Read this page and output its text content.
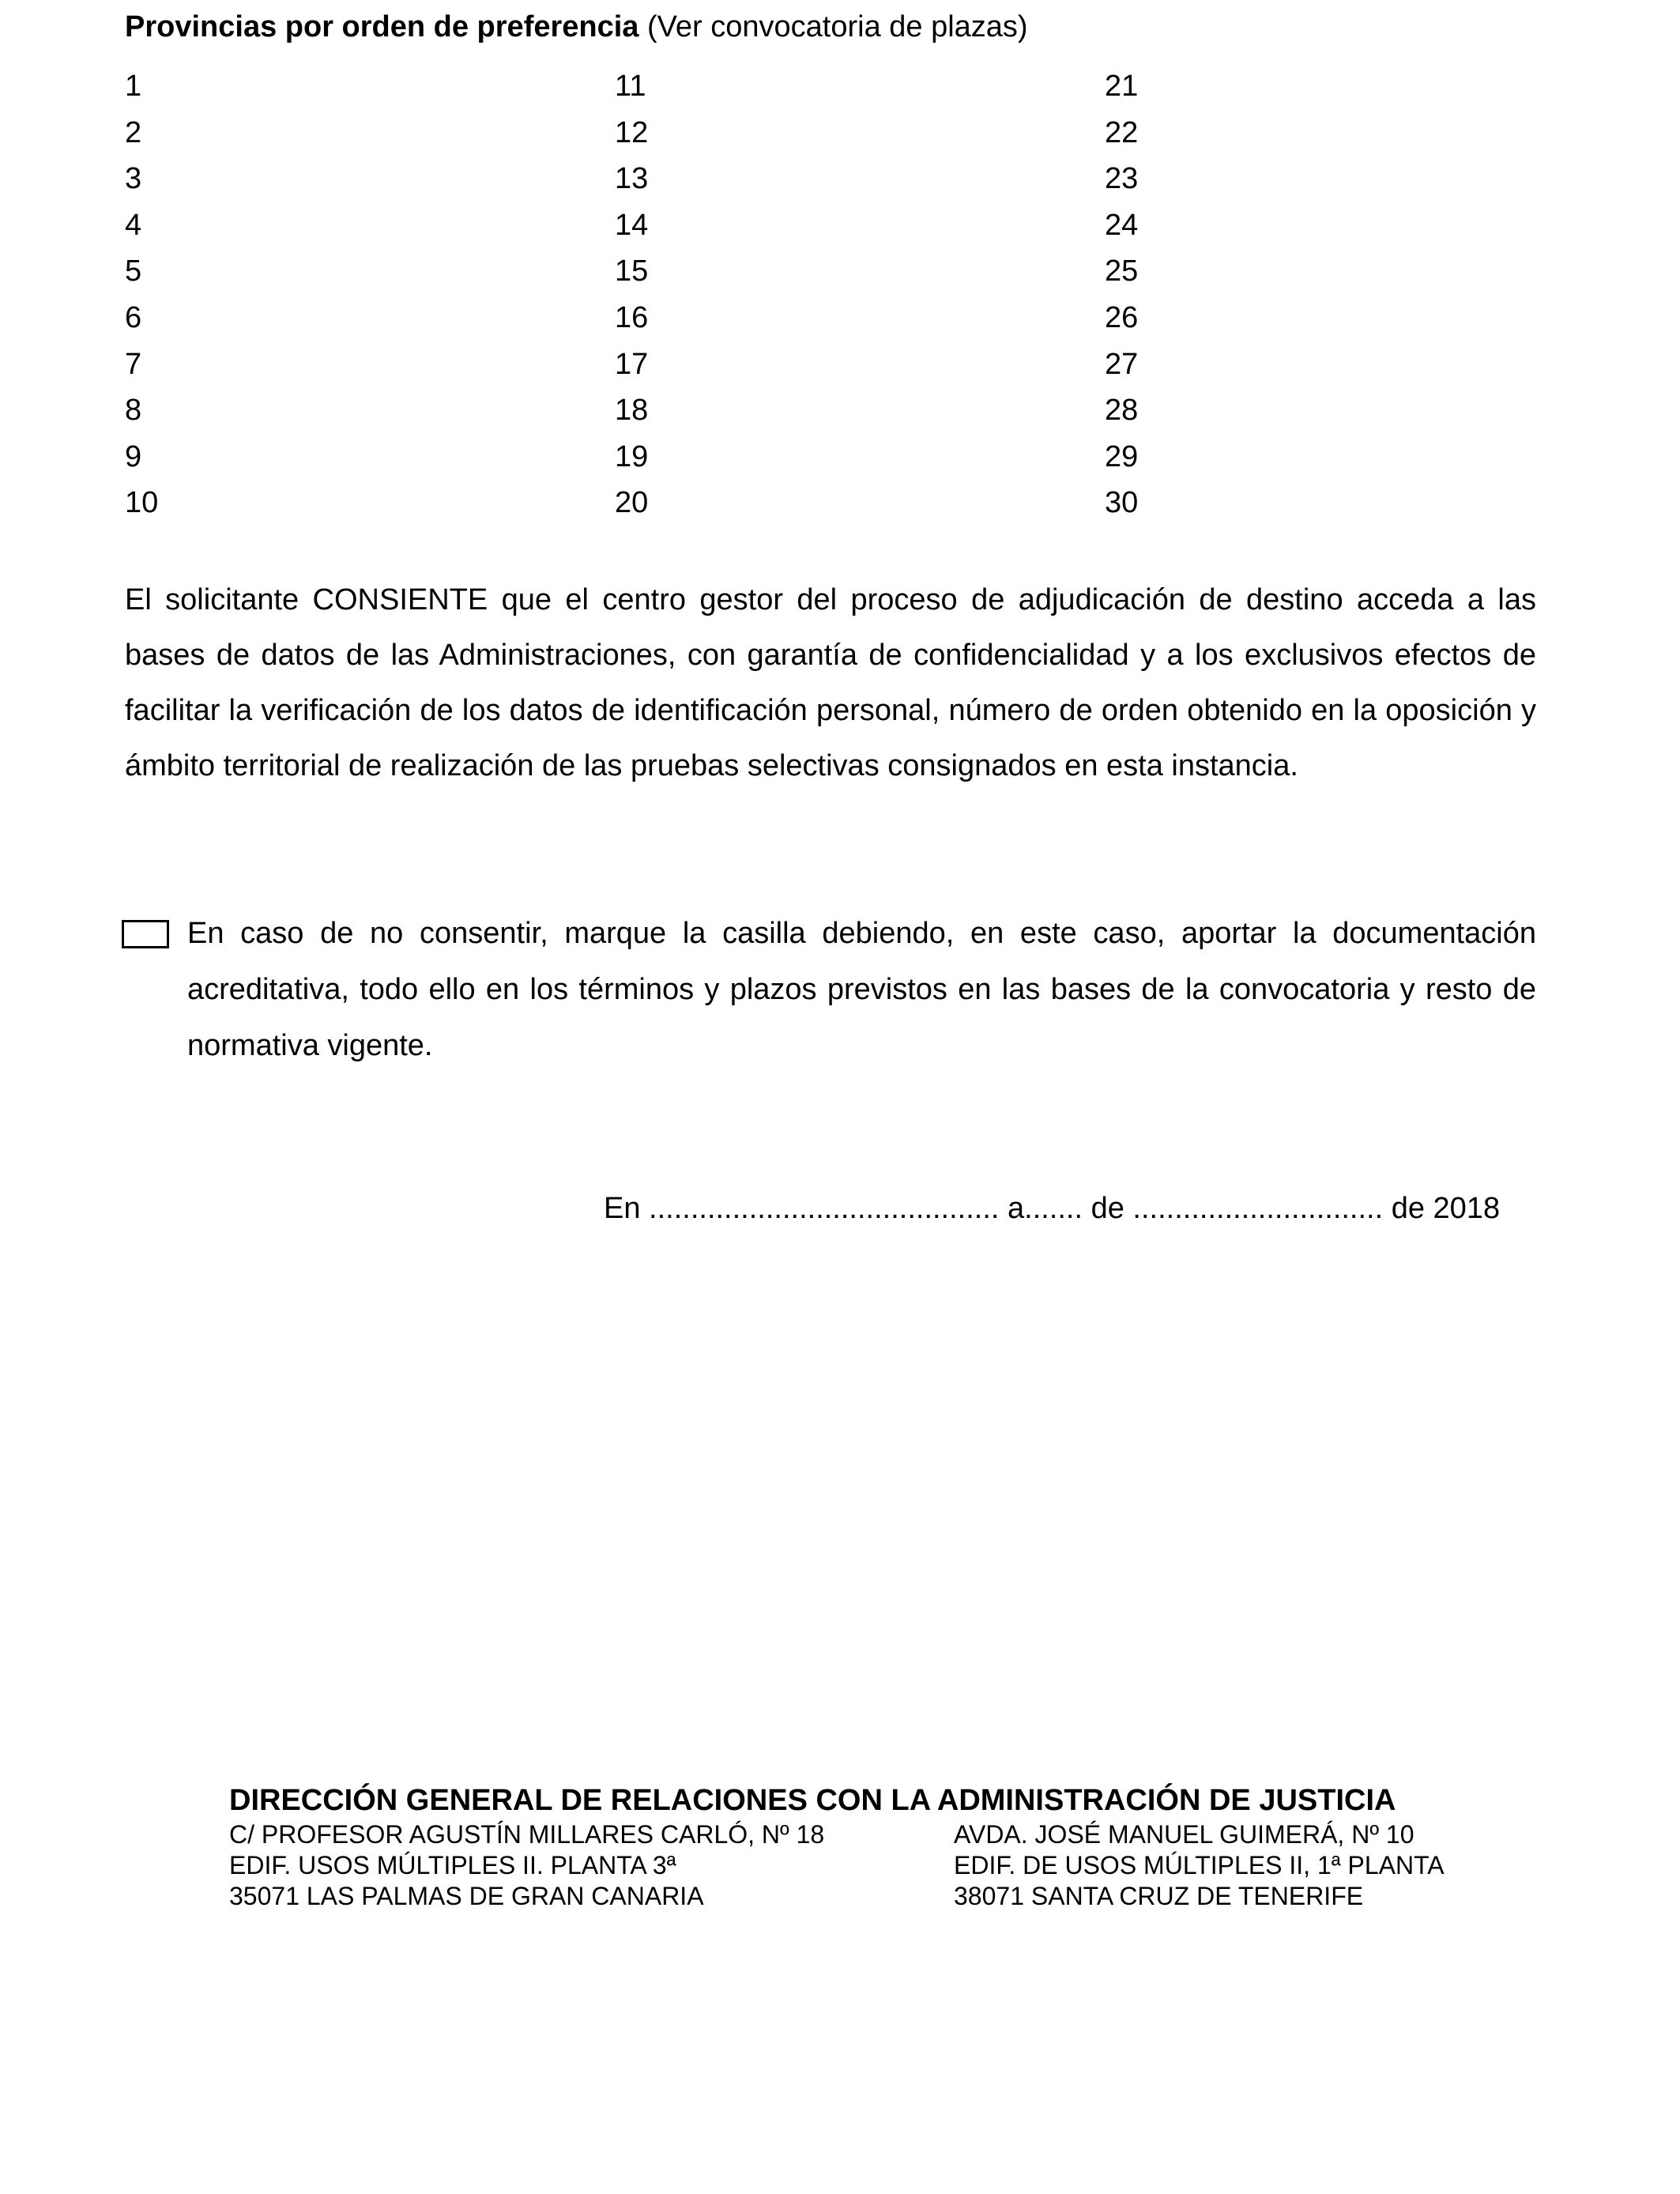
Provincias por orden de preferencia (Ver convocatoria de plazas)
1
2
3
4
5
6
7
8
9
10
11
12
13
14
15
16
17
18
19
20
21
22
23
24
25
26
27
28
29
30
El solicitante CONSIENTE que el centro gestor del proceso de adjudicación de destino acceda a las bases de datos de las Administraciones, con garantía de confidencialidad y a los exclusivos efectos de facilitar la verificación de los datos de identificación personal, número de orden obtenido en la oposición y ámbito territorial de realización de las pruebas selectivas consignados en esta instancia.
En caso de no consentir, marque la casilla debiendo, en este caso, aportar la documentación acreditativa, todo ello en los términos y plazos previstos en las bases de la convocatoria y resto de normativa vigente.
En .......................................... a....... de .............................. de 2018
DIRECCIÓN GENERAL DE RELACIONES CON LA ADMINISTRACIÓN DE JUSTICIA
C/ PROFESOR AGUSTÍN MILLARES CARLÓ, Nº 18
EDIF. USOS MÚLTIPLES II. PLANTA 3ª
35071 LAS PALMAS DE GRAN CANARIA
AVDA. JOSÉ MANUEL GUIMERÁ, Nº 10
EDIF. DE USOS MÚLTIPLES II, 1ª PLANTA
38071 SANTA CRUZ DE TENERIFE
